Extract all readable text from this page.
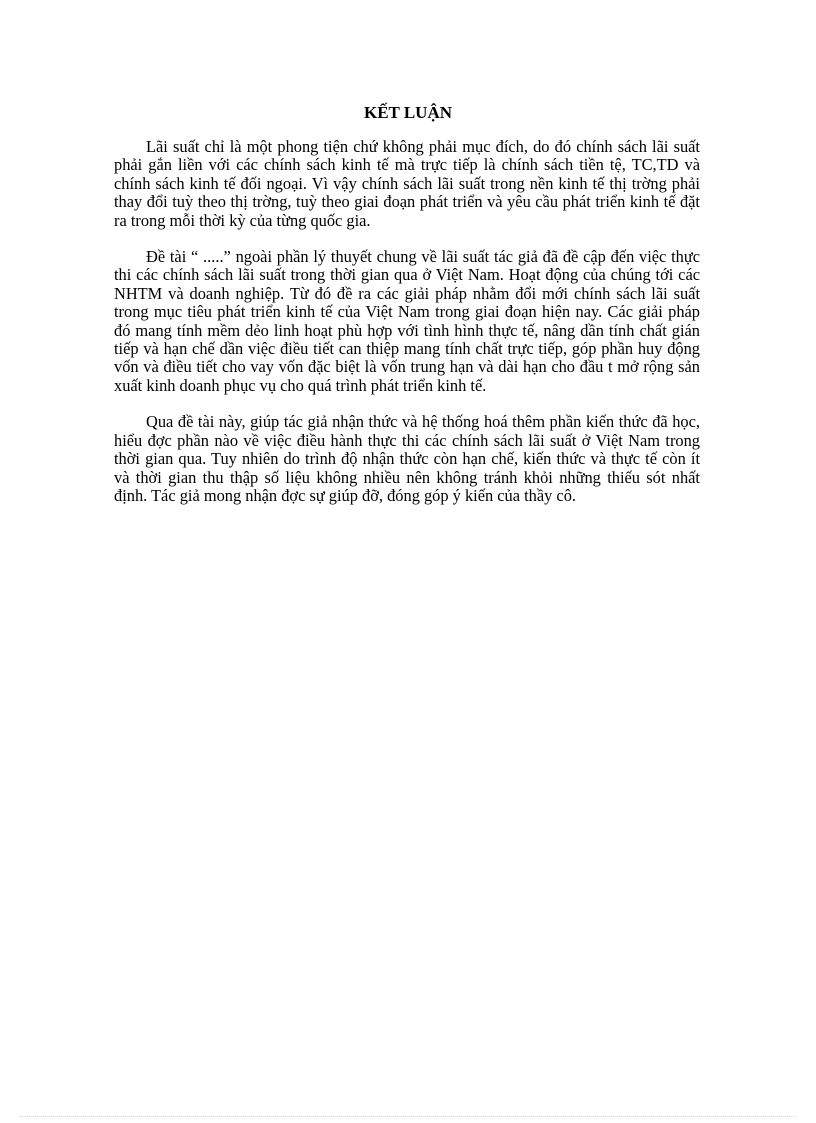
KẾT LUẬN

Lãi suất chỉ là một phong tiện chứ không phải mục đích, do đó chính sách lãi suất phải gắn liền với các chính sách kinh tế mà trực tiếp là chính sách tiền tệ, TC,TD và chính sách kinh tế đối ngoại. Vì vậy chính sách lãi suất trong nền kinh tế thị trờng phải thay đổi tuỳ theo thị trờng, tuỳ theo giai đoạn phát triển và yêu cầu phát triển kinh tế đặt ra trong mỗi thời kỳ của từng quốc gia.

Đề tài “ .....” ngoài phần lý thuyết chung về lãi suất tác giả đã đề cập đến việc thực thi các chính sách lãi suất trong thời gian qua ở Việt Nam. Hoạt động của chúng tới các NHTM và doanh nghiệp. Từ đó đề ra các giải pháp nhằm đổi mới chính sách lãi suất trong mục tiêu phát triển kinh tế của Việt Nam trong giai đoạn hiện nay. Các giải pháp đó mang tính mềm dẻo linh hoạt phù hợp với tình hình thực tế, nâng dần tính chất gián tiếp và hạn chế dần việc điều tiết can thiệp mang tính chất trực tiếp, góp phần huy động vốn và điều tiết cho vay vốn đặc biệt là vốn trung hạn và dài hạn cho đầu t mở rộng sản xuất kinh doanh phục vụ cho quá trình phát triển kinh tế.

Qua đề tài này, giúp tác giả nhận thức và hệ thống hoá thêm phần kiến thức đã học, hiểu đợc phần nào về việc điều hành thực thi các chính sách lãi suất ở Việt Nam trong thời gian qua. Tuy nhiên do trình độ nhận thức còn hạn chế, kiến thức và thực tế còn ít và thời gian thu thập số liệu không nhiều nên không tránh khỏi những thiếu sót nhất định. Tác giả mong nhận đợc sự giúp đỡ, đóng góp ý kiến của thầy cô.
